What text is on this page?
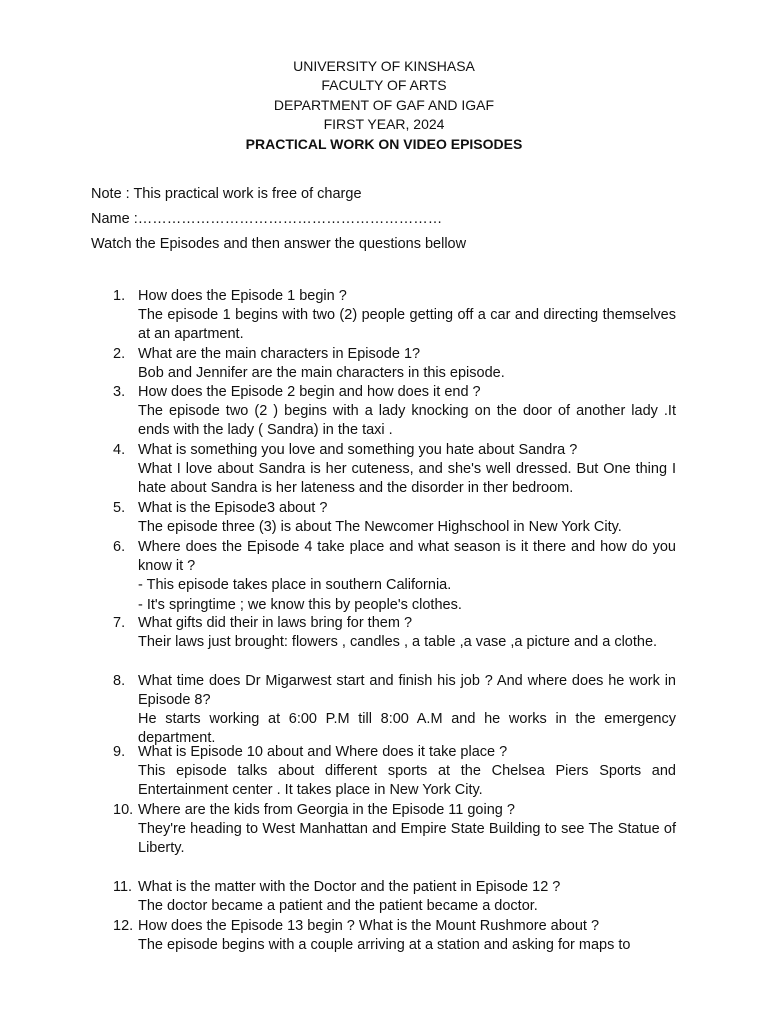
UNIVERSITY OF KINSHASA
FACULTY OF ARTS
DEPARTMENT OF GAF AND IGAF
FIRST YEAR, 2024
PRACTICAL WORK ON VIDEO EPISODES
Note : This practical work is free of charge
Name :………………………………………………………
Watch the Episodes and then answer the questions bellow
1. How does the Episode 1 begin ?
The episode 1 begins with two (2) people getting off a car and directing themselves at an apartment.
2. What are the main characters in Episode 1?
Bob and Jennifer are the main characters in this episode.
3. How does the Episode 2 begin and how does it end ?
The episode two (2 ) begins with a lady knocking on the door of another lady .It ends with the lady ( Sandra) in the taxi .
4. What is something you love and something you hate about Sandra ?
What I love about Sandra is her cuteness, and she's well dressed. But One thing I hate about Sandra is her lateness and the disorder in ther bedroom.
5. What is the Episode3 about ?
The episode three (3) is about The Newcomer Highschool in New York City.
6. Where does the Episode 4 take place and what season is it there and how do you know it ?
- This episode takes place in southern California.
- It's springtime ; we know this by people's clothes.
7. What gifts did their in laws bring for them ?
Their laws just brought: flowers , candles , a table ,a vase ,a picture and a clothe.
8. What time does Dr Migarwest start and finish his job ? And where does he work in Episode 8?
He starts working at 6:00 P.M till 8:00 A.M and he works in the emergency department.
9. What is Episode 10 about and Where does it take place ?
This episode talks about different sports at the Chelsea Piers Sports and Entertainment center . It takes place in New York City.
10. Where are the kids from Georgia in the Episode 11 going ?
They're heading to West Manhattan and Empire State Building to see The Statue of Liberty.
11. What is the matter with the Doctor and the patient in Episode 12 ?
The doctor became a patient and the patient became a doctor.
12. How does the Episode 13 begin ? What is the Mount Rushmore about ?
The episode begins with a couple arriving at a station and asking for maps to
